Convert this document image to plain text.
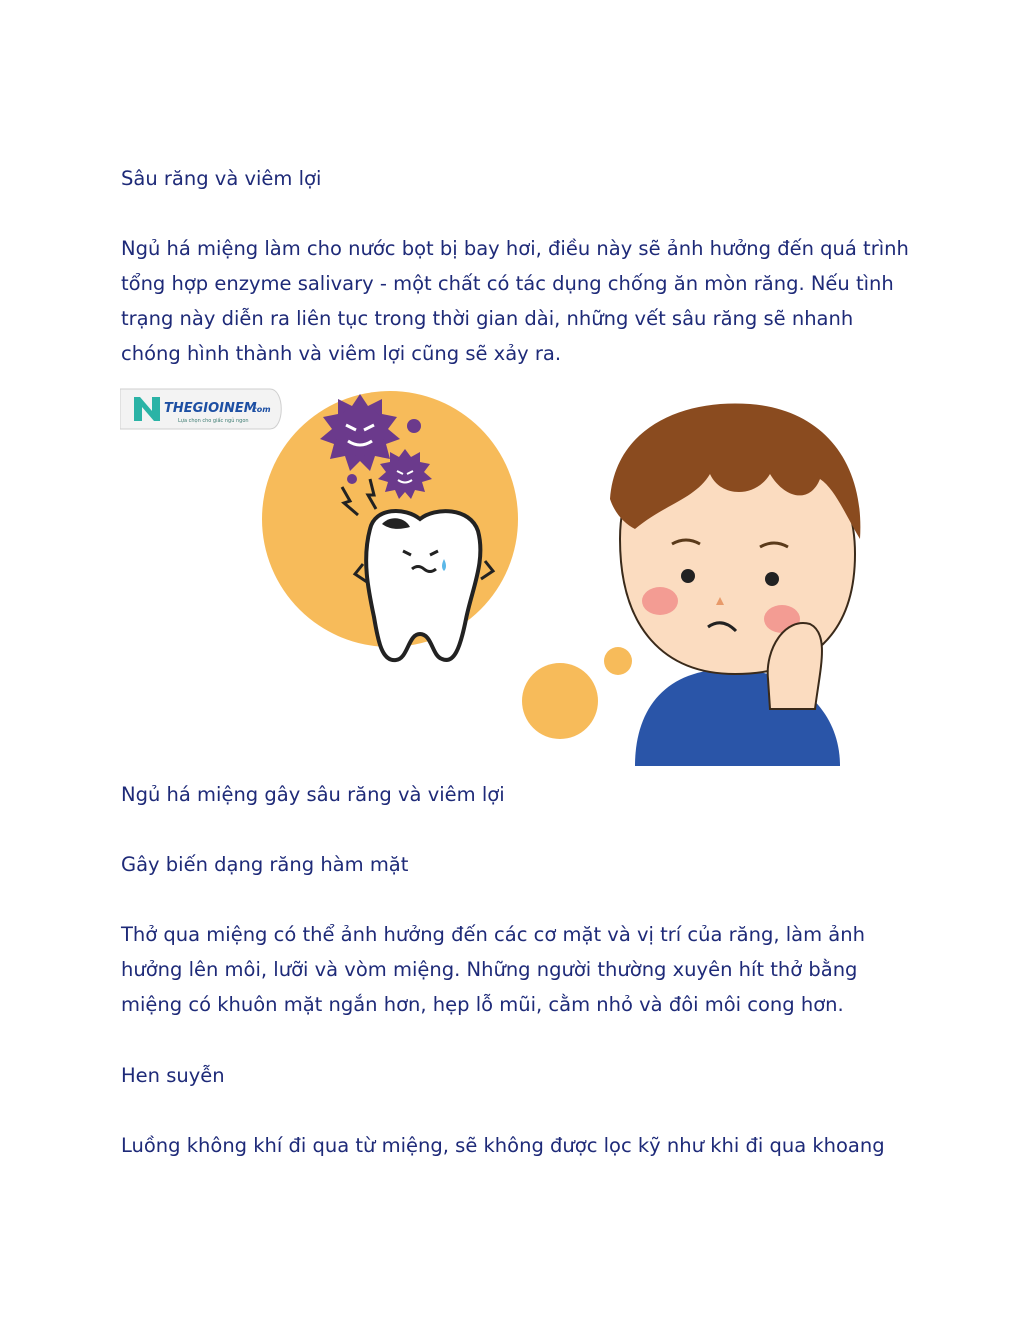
Sâu răng và viêm lợi

Ngủ há miệng làm cho nước bọt bị bay hơi, điều này sẽ ảnh hưởng đến quá trình tổng hợp enzyme salivary - một chất có tác dụng chống ăn mòn răng. Nếu tình trạng này diễn ra liên tục trong thời gian dài, những vết sâu răng sẽ nhanh chóng hình thành và viêm lợi cũng sẽ xảy ra.

THEGIOINEM
com
Lựa chọn cho giấc ngủ ngon

Ngủ há miệng gây sâu răng và viêm lợi

Gây biến dạng răng hàm mặt

Thở qua miệng có thể ảnh hưởng đến các cơ mặt và vị trí của răng, làm ảnh hưởng lên môi, lưỡi và vòm miệng. Những người thường xuyên hít thở bằng miệng có khuôn mặt ngắn hơn, hẹp lỗ mũi, cằm nhỏ và đôi môi cong hơn.

Hen suyễn

Luồng không khí đi qua từ miệng, sẽ không được lọc kỹ như khi đi qua khoang
